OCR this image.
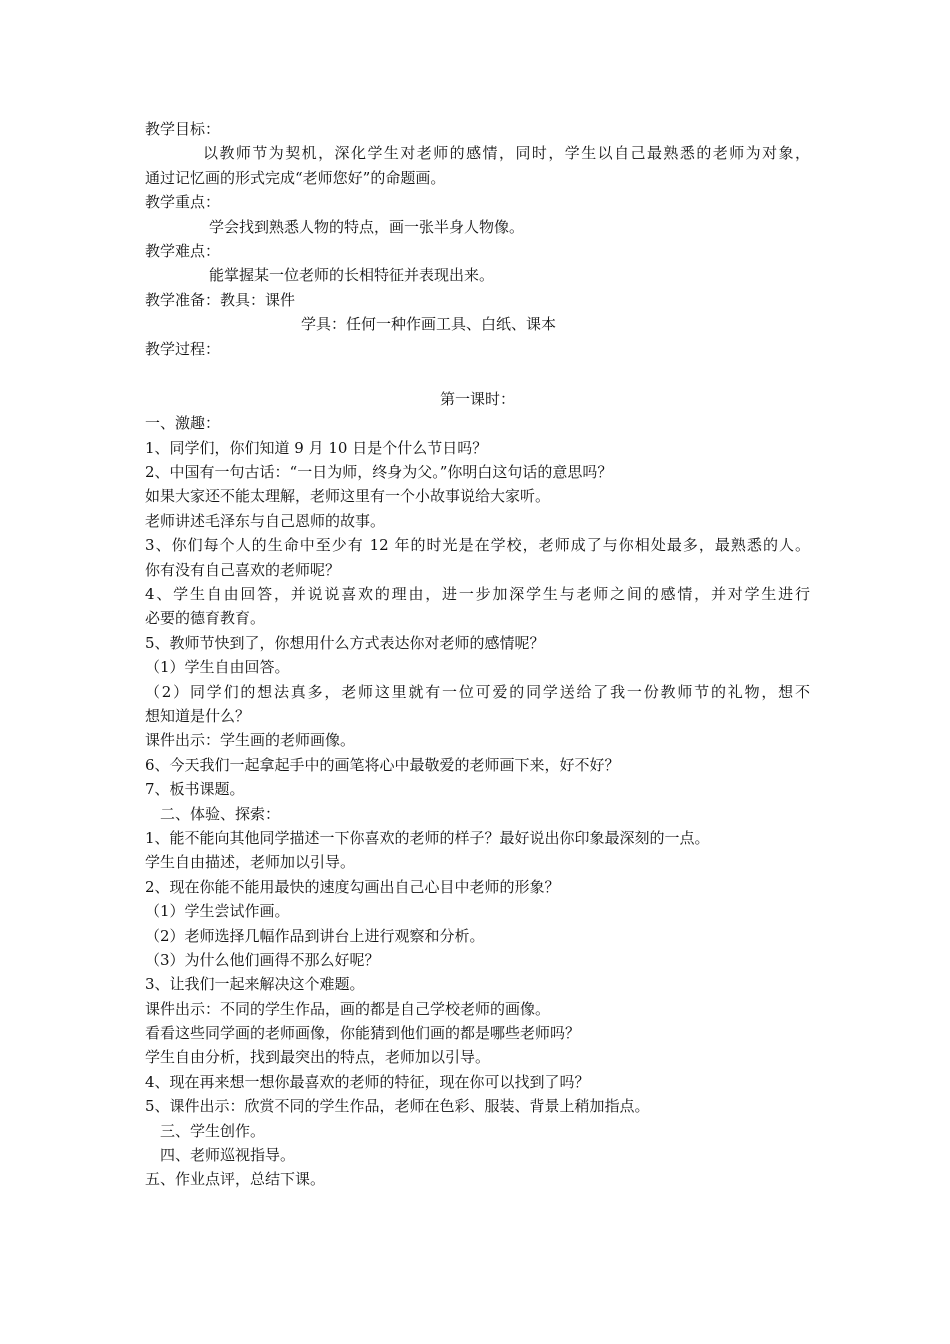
教学目标：
以教师节为契机，深化学生对老师的感情，同时，学生以自己最熟悉的老师为对象，
通过记忆画的形式完成“老师您好”的命题画。
教学重点：
学会找到熟悉人物的特点，画一张半身人物像。
教学难点：
能掌握某一位老师的长相特征并表现出来。
教学准备：教具：课件
学具：任何一种作画工具、白纸、课本
教学过程：
第一课时：
一、激趣：
1、同学们，你们知道 9 月 10 日是个什么节日吗？
2、中国有一句古话：“一日为师，终身为父。”你明白这句话的意思吗？
如果大家还不能太理解，老师这里有一个小故事说给大家听。
老师讲述毛泽东与自己恩师的故事。
3、你们每个人的生命中至少有 12 年的时光是在学校，老师成了与你相处最多，最熟悉的人。
你有没有自己喜欢的老师呢？
4、学生自由回答，并说说喜欢的理由，进一步加深学生与老师之间的感情，并对学生进行
必要的德育教育。
5、教师节快到了，你想用什么方式表达你对老师的感情呢？
（1）学生自由回答。
（2）同学们的想法真多，老师这里就有一位可爱的同学送给了我一份教师节的礼物，想不
想知道是什么？
课件出示：学生画的老师画像。
6、今天我们一起拿起手中的画笔将心中最敬爱的老师画下来，好不好？
7、板书课题。
二、体验、探索：
1、能不能向其他同学描述一下你喜欢的老师的样子？最好说出你印象最深刻的一点。
学生自由描述，老师加以引导。
2、现在你能不能用最快的速度勾画出自己心目中老师的形象？
（1）学生尝试作画。
（2）老师选择几幅作品到讲台上进行观察和分析。
（3）为什么他们画得不那么好呢？
3、让我们一起来解决这个难题。
课件出示：不同的学生作品，画的都是自己学校老师的画像。
看看这些同学画的老师画像，你能猜到他们画的都是哪些老师吗？
学生自由分析，找到最突出的特点，老师加以引导。
4、现在再来想一想你最喜欢的老师的特征，现在你可以找到了吗？
5、课件出示：欣赏不同的学生作品，老师在色彩、服装、背景上稍加指点。
三、学生创作。
四、老师巡视指导。
五、作业点评，总结下课。
